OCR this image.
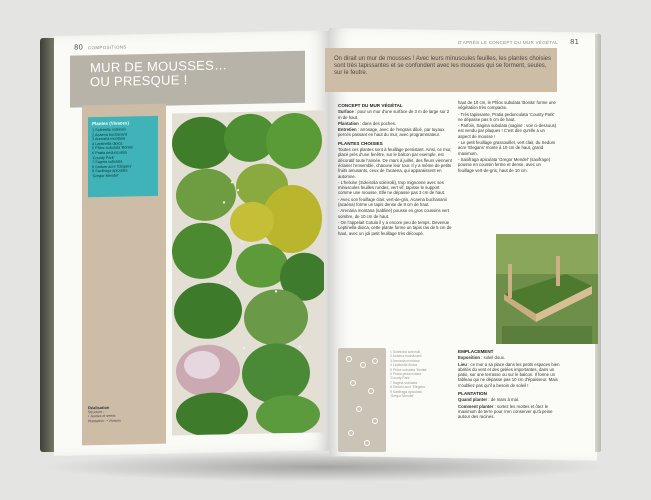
80 COMPOSITIONS
MUR DE MOUSSES…
OU PRESQUE !
Plantes (Vivaces)
1 Soleirolia soleirolii
2 Acaena buchananii
3 Arenaria montana
4 Leptinella dioica
5 Phlox subulata 'Bonita'
6 Pratia pedunculata
'County Park'
7 Sagina subulata
8 Sedum acre 'Elegans'
9 Saxifraga apiculata
'Gregor Mendel'
Réalisation
Structure :
• Jeunes et semis
Plantation : • Vivaces
D'APRÈS LE CONCEPT DU MUR VÉGÉTAL 81
On dirait un mur de mousses ! Avec leurs minuscules feuilles, les plantes choisies sont très tapissantes et se confondent avec les mousses qui se forment, seules, sur le feutre.
CONCEPT DU MUR VÉGÉTAL

Surface : pour un mur d'une surface de 3 m de large sur 2 m de haut.

Plantation : dans des poches.

Entretien : arrosage, avec de l'engrais dilué, par tuyaux percés passant en haut du mur, avec programmateur.

PLANTES CHOISIES

Toutes ces plantes sont à feuillage persistant. Ainsi, ce mur, placé près d'une fenêtre, sur le balcon par exemple, est décoratif toute l'année. De mars à juillet, des fleurs viennent éclairer l'ensemble, chacune leur tour. Il y a même de petits fruits amusants, ceux de l'acaena, qui apparaissent en automne.

- L'helxine (Soleirolia soleirolii), trop mignonne avec ses minuscules feuilles rondes, vert vif, tapisse le support comme une mousse. Elle ne dépasse pas 3 cm de haut.

- Avec son feuillage clair, vert-de-gris, Acaena buchananii (acaéna) forme un tapis dense de 8 cm de haut.

- Arenaria montana (sabline) pousse en gros coussins vert sombre, de 10 cm de haut.

- On l'appelait Cotula il y a encore peu de temps. Devenue Leptinella dioica, cette plante forme un tapis ras de 5 cm de haut, avec un joli petit feuillage très découpé.

haut de 10 cm, le Phlox subulata 'Bonita' forme une végétation très compacte.

- Très tapissante, Pratia pedunculata 'County Park' ne dépasse pas 5 cm de haut.

- Parfois, Sagina subulata (sagine : voir ci-dessous) est vendu par plaques ! C'est dire qu'elle a un aspect de mousse !

- Le petit feuillage grassouillet, vert clair, du Sedum acre 'Elegans' monte à 10 cm de haut, grand maximum.

- Saxifraga apiculata 'Gregor Mendel' (saxifrage) pousse en coussin ferme et dense, avec un feuillage vert-de-gris, haut de 10 cm.

1 Soleirolia soleirolii
2 Acaena buchananii
3 Arenaria montana
4 Leptinella dioica
5 Phlox subulata 'Bonita'
6 Pratia pedunculata
'County Park'
7 Sagina subulata
8 Sedum acre 'Elegans'
9 Saxifraga apiculata
'Gregor Mendel'
EMPLACEMENT

Exposition : soleil doux.

Lieu : ce mur a sa place dans les petits espaces bien abrités du vent et des gelées importantes, dans un patio, sur une terrasse ou sur le balcon. Il forme un tableau qui ne dépasse pas 10 cm d'épaisseur. Mais n'oubliez pas qu'il a besoin de soleil !

PLANTATION

Quand planter : de mars à mai.

Comment planter : sortez les mottes et ôtez le maximum de terre pour n'en conserver qu'à peine autour des racines.
